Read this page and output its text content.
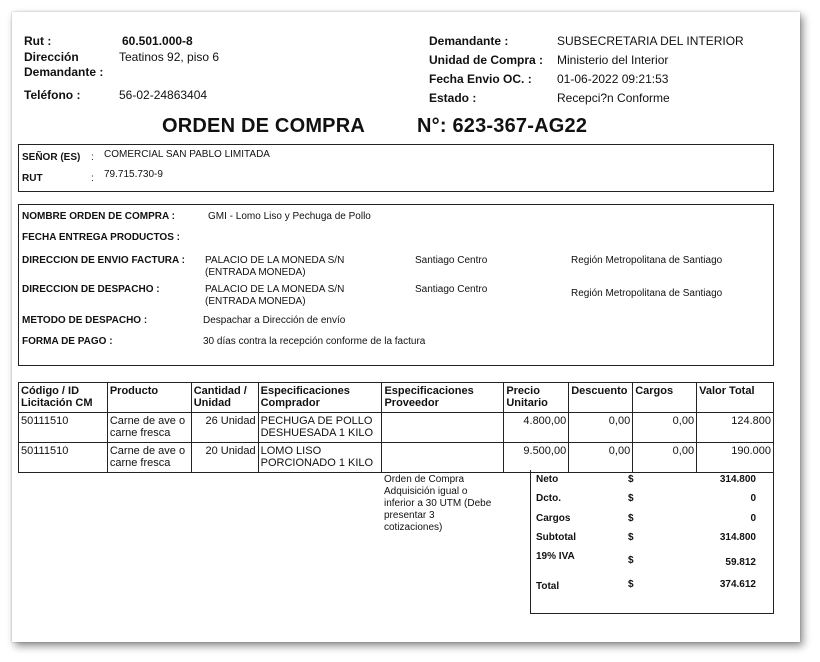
Rut :	60.501.000-8
Dirección
Demandante :
Teatinos 92, piso 6
Teléfono :	56-02-24863404
Demandante :	SUBSECRETARIA DEL INTERIOR
Unidad de Compra : Ministerio del Interior
Fecha Envio OC. : 01-06-2022 09:21:53
Estado :	Recepci?n Conforme
ORDEN DE COMPRA	N°: 623-367-AG22
SEÑOR (ES) : COMERCIAL SAN PABLO LIMITADA
RUT	: 79.715.730-9
NOMBRE ORDEN DE COMPRA :	GMI - Lomo Liso y Pechuga de Pollo
FECHA ENTREGA PRODUCTOS :
DIRECCION DE ENVIO FACTURA : PALACIO DE LA MONEDA S/N
(ENTRADA MONEDA)
Santiago Centro	Región Metropolitana de Santiago
DIRECCION DE DESPACHO :	PALACIO DE LA MONEDA S/N
(ENTRADA MONEDA)
Santiago Centro	Región Metropolitana de Santiago
METODO DE DESPACHO :	Despachar a Dirección de envío
FORMA DE PAGO :	30 días contra la recepción conforme de la factura
Código / ID
Licitación CM	Producto	Cantidad /
Unidad	Especificaciones
Comprador	Especificaciones
Proveedor	Precio
Unitario	Descuento	Cargos	Valor Total
50111510	Carne de ave o
carne fresca	26 Unidad	PECHUGA DE POLLO
DESHUESADA 1 KILO		4.800,00	0,00	0,00	124.800
50111510	Carne de ave o
carne fresca	20 Unidad	LOMO LISO
PORCIONADO 1 KILO		9.500,00	0,00	0,00	190.000
Orden de Compra
Adquisición igual o
inferior a 30 UTM (Debe
presentar 3
cotizaciones)
Neto	$	314.800
Dcto.	$	0
Cargos	$	0
Subtotal	$	314.800
19% IVA	$	59.812
Total	$	374.612
